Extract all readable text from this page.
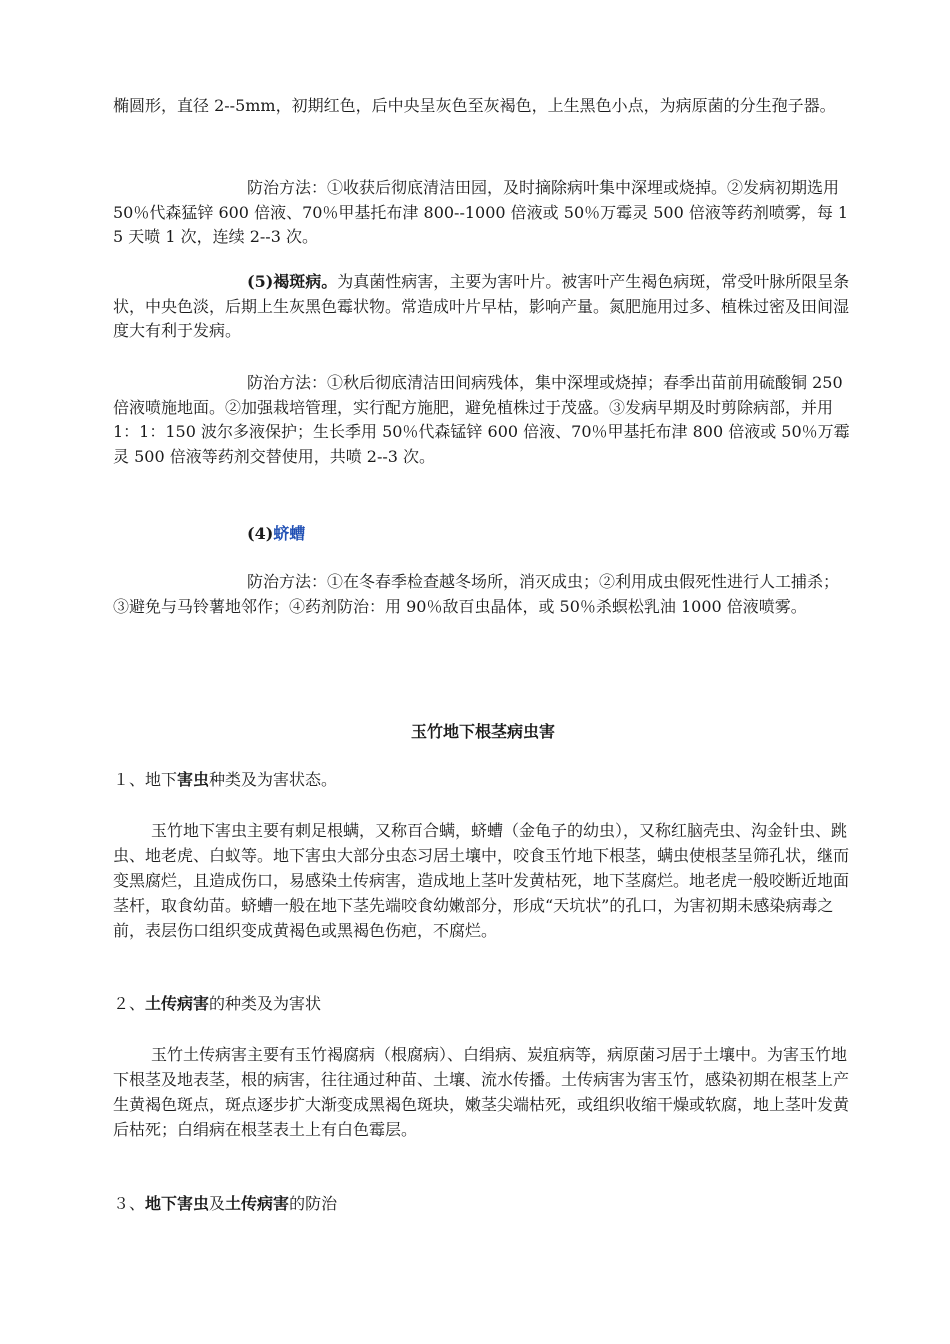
椭圆形，直径 2--5mm，初期红色，后中央呈灰色至灰褐色，上生黑色小点，为病原菌的分生孢子器。

防治方法：①收获后彻底清洁田园，及时摘除病叶集中深埋或烧掉。②发病初期选用 50％代森猛锌 600 倍液、70％甲基托布津 800--1000 倍液或 50％万霉灵 500 倍液等药剂喷雾，每 15 天喷 1 次，连续 2--3 次。

(5)褐斑病。为真菌性病害，主要为害叶片。被害叶产生褐色病斑，常受叶脉所限呈条状，中央色淡，后期上生灰黑色霉状物。常造成叶片早枯，影响产量。氮肥施用过多、植株过密及田间湿度大有利于发病。

防治方法：①秋后彻底清洁田间病残体，集中深埋或烧掉；春季出苗前用硫酸铜 250 倍液喷施地面。②加强栽培管理，实行配方施肥，避免植株过于茂盛。③发病早期及时剪除病部，并用 1：1：150 波尔多液保护；生长季用 50％代森锰锌 600 倍液、70％甲基托布津 800 倍液或 50％万霉灵 500 倍液等药剂交替使用，共喷 2--3 次。

(4)蛴螬

防治方法：①在冬春季检查越冬场所，消灭成虫；②利用成虫假死性进行人工捕杀；③避免与马铃薯地邻作；④药剂防治：用 90％敌百虫晶体，或 50％杀螟松乳油 1000 倍液喷雾。

玉竹地下根茎病虫害

１、地下害虫种类及为害状态。

玉竹地下害虫主要有刺足根螨，又称百合螨，蛴螬（金龟子的幼虫），又称红脑壳虫、沟金针虫、跳虫、地老虎、白蚁等。地下害虫大部分虫态习居土壤中，咬食玉竹地下根茎，螨虫使根茎呈筛孔状，继而变黑腐烂，且造成伤口，易感染土传病害，造成地上茎叶发黄枯死，地下茎腐烂。地老虎一般咬断近地面茎杆，取食幼苗。蛴螬一般在地下茎先端咬食幼嫩部分，形成“天坑状”的孔口，为害初期未感染病毒之前，表层伤口组织变成黄褐色或黑褐色伤疤，不腐烂。

２、土传病害的种类及为害状

玉竹土传病害主要有玉竹褐腐病（根腐病）、白绢病、炭疽病等，病原菌习居于土壤中。为害玉竹地下根茎及地表茎，根的病害，往往通过种苗、土壤、流水传播。土传病害为害玉竹，感染初期在根茎上产生黄褐色斑点，斑点逐步扩大渐变成黑褐色斑块，嫩茎尖端枯死，或组织收缩干燥或软腐，地上茎叶发黄后枯死；白绢病在根茎表土上有白色霉层。

３、地下害虫及土传病害的防治
